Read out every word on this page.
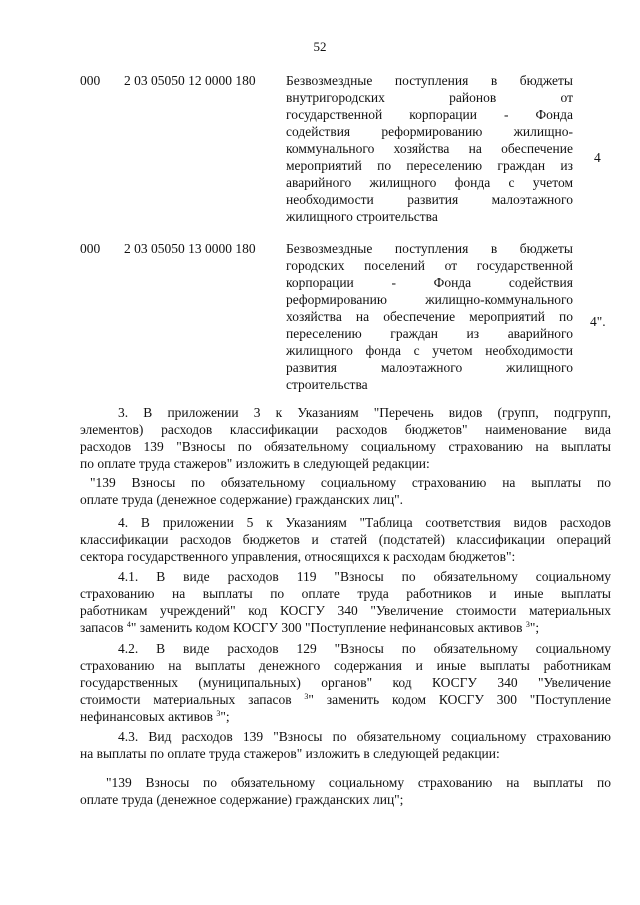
52
000 2 03 05050 12 0000 180 Безвозмездные поступления в бюджеты
внутригородских районов от
государственной корпорации - Фонда
содействия реформированию жилищно-
коммунального хозяйства на обеспечение
мероприятий по переселению граждан из
аварийного жилищного фонда с учетом
необходимости развития малоэтажного
жилищного строительства
4
000 2 03 05050 13 0000 180 Безвозмездные поступления в бюджеты
городских поселений от государственной
корпорации - Фонда содействия
реформированию жилищно-коммунального
хозяйства на обеспечение мероприятий по
переселению граждан из аварийного
жилищного фонда с учетом необходимости
развития малоэтажного жилищного
строительства
4".
3. В приложении 3 к Указаниям "Перечень видов (групп, подгрупп,
элементов) расходов классификации расходов бюджетов" наименование вида
расходов 139 "Взносы по обязательному социальному страхованию на выплаты
по оплате труда стажеров" изложить в следующей редакции:
"139 Взносы по обязательному социальному страхованию на выплаты по
оплате труда (денежное содержание) гражданских лиц".
4. В приложении 5 к Указаниям "Таблица соответствия видов расходов
классификации расходов бюджетов и статей (подстатей) классификации операций
сектора государственного управления, относящихся к расходам бюджетов":
4.1. В виде расходов 119 "Взносы по обязательному социальному
страхованию на выплаты по оплате труда работников и иные выплаты
работникам учреждений" код КОСГУ 340 "Увеличение стоимости материальных
запасов $^4$" заменить кодом КОСГУ 300 "Поступление нефинансовых активов $^3$";
4.2. В виде расходов 129 "Взносы по обязательному социальному
страхованию на выплаты денежного содержания и иные выплаты работникам
государственных (муниципальных) органов" код КОСГУ 340 "Увеличение
стоимости материальных запасов $^3$" заменить кодом КОСГУ 300 "Поступление
нефинансовых активов $^3$";
4.3. Вид расходов 139 "Взносы по обязательному социальному страхованию
на выплаты по оплате труда стажеров" изложить в следующей редакции:
"139 Взносы по обязательному социальному страхованию на выплаты по
оплате труда (денежное содержание) гражданских лиц";
